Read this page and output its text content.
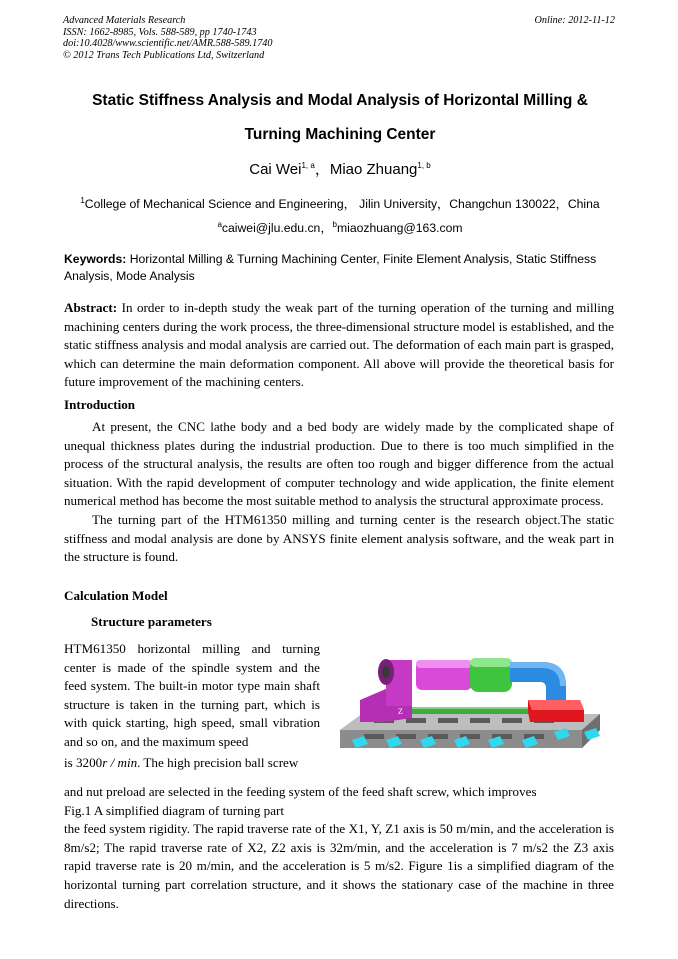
Advanced Materials Research
ISSN: 1662-8985, Vols. 588-589, pp 1740-1743
doi:10.4028/www.scientific.net/AMR.588-589.1740
© 2012 Trans Tech Publications Ltd, Switzerland
Online: 2012-11-12
Static Stiffness Analysis and Modal Analysis of Horizontal Milling &
Turning Machining Center
Cai Wei$^{1, a}$，Miao Zhuang$^{1, b}$
$^1$College of Mechanical Science and Engineering， Jilin University，Changchun 130022，China
$^a$caiwei@jlu.edu.cn，$^b$miaozhuang@163.com
Keywords: Horizontal Milling & Turning Machining Center, Finite Element Analysis, Static Stiffness Analysis, Mode Analysis
Abstract: In order to in-depth study the weak part of the turning operation of the turning and milling machining centers during the work process, the three-dimensional structure model is established, and the static stiffness analysis and modal analysis are carried out. The deformation of each main part is grasped, which can determine the main deformation component. All above will provide the theoretical basis for future improvement of the machining centers.
Introduction

At present, the CNC lathe body and a bed body are widely made by the complicated shape of unequal thickness plates during the industrial production. Due to there is too much simplified in the process of the structural analysis, the results are often too rough and bigger difference from the actual situation. With the rapid development of computer technology and wide application, the finite element numerical method has become the most suitable method to analysis the structural approximate process.

The turning part of the HTM61350 milling and turning center is the research object.The static stiffness and modal analysis are done by ANSYS finite element analysis software, and the weak part in the structure is found.

Calculation Model
Structure parameters

HTM61350 horizontal milling and turning center is made of the spindle system and the feed system. The built-in motor type main shaft structure is taken in the turning part, which is with quick starting, high speed, small vibration and so on, and the maximum speed

is 3200r / min. The high precision ball screw

Z

and nut preload are selected in the feeding system of the feed shaft screw, which improves

Fig.1 A simplified diagram of turning part

the feed system rigidity. The rapid traverse rate of the X1, Y, Z1 axis is 50 m/min, and the acceleration is 8m/s2; The rapid traverse rate of X2, Z2 axis is 32m/min, and the acceleration is 7 m/s2 the Z3 axis rapid traverse rate is 20 m/min, and the acceleration is 5 m/s2. Figure 1is a simplified diagram of the horizontal turning part correlation structure, and it shows the stationary case of the machine in three directions.
